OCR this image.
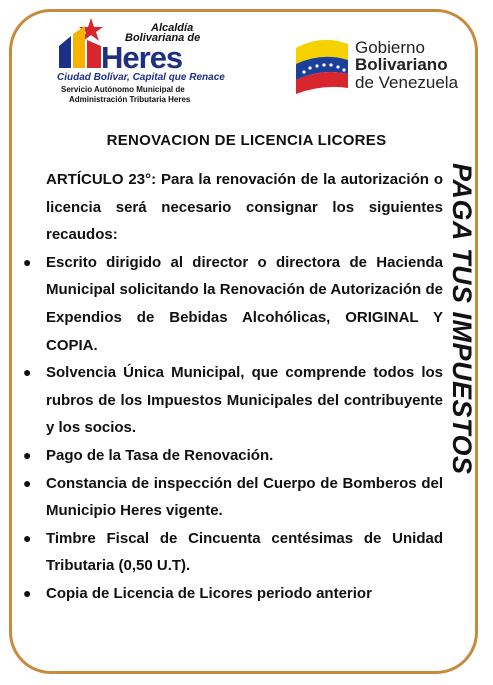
Alcaldía
Bolivariana de
Heres
Ciudad Bolívar, Capital que Renace
Servicio Autónomo Municipal de
Administración Tributaria Heres
Gobierno
Bolivariano
de Venezuela
RENOVACION DE LICENCIA LICORES

ARTÍCULO 23°: Para la renovación de la autorización o licencia será necesario consignar los siguientes recaudos:

● Escrito dirigido al director o directora de Hacienda Municipal solicitando la Renovación de Autorización de Expendios de Bebidas Alcohólicas, ORIGINAL Y COPIA.
● Solvencia Única Municipal, que comprende todos los rubros de los Impuestos Municipales del contribuyente y los socios.
● Pago de la Tasa de Renovación.
● Constancia de inspección del Cuerpo de Bomberos del Municipio Heres vigente.
● Timbre Fiscal de Cincuenta centésimas de Unidad Tributaria (0,50 U.T).
● Copia de Licencia de Licores periodo anterior
PAGA TUS IMPUESTOS
